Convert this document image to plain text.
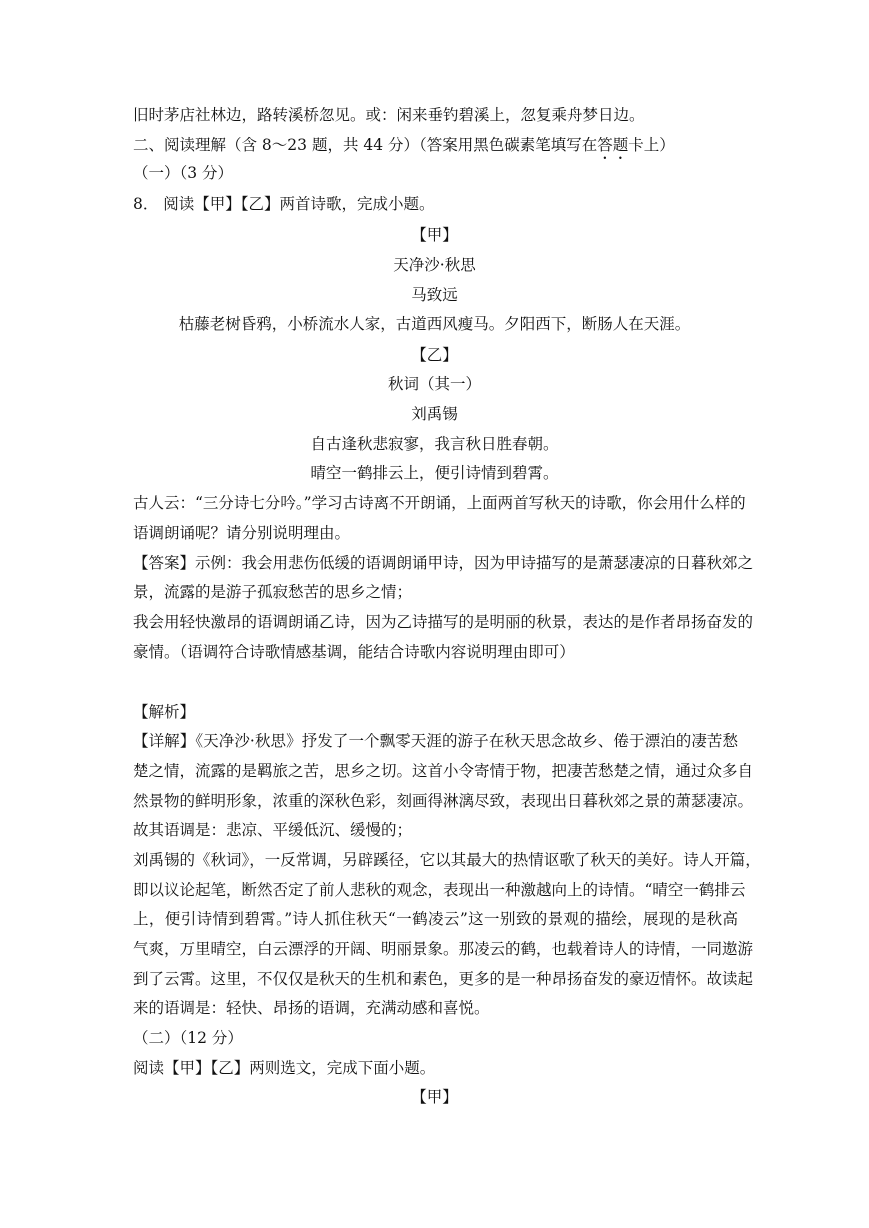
旧时茅店社林边，路转溪桥忽见。或：闲来垂钓碧溪上，忽复乘舟梦日边。
二、阅读理解（含 8～23 题，共 44 分）（答案用黑色碳素笔填写在答题卡上）
（一）（3 分）
8． 阅读【甲】【乙】两首诗歌，完成小题。
【甲】
天净沙·秋思
马致远
枯藤老树昏鸦，小桥流水人家，古道西风瘦马。夕阳西下，断肠人在天涯。
【乙】
秋词（其一）
刘禹锡
自古逢秋悲寂寥，我言秋日胜春朝。
晴空一鹤排云上，便引诗情到碧霄。
古人云：“三分诗七分吟。”学习古诗离不开朗诵，上面两首写秋天的诗歌，你会用什么样的
语调朗诵呢？请分别说明理由。
【答案】示例：我会用悲伤低缓的语调朗诵甲诗，因为甲诗描写的是萧瑟凄凉的日暮秋郊之
景，流露的是游子孤寂愁苦的思乡之情；
我会用轻快激昂的语调朗诵乙诗，因为乙诗描写的是明丽的秋景，表达的是作者昂扬奋发的
豪情。（语调符合诗歌情感基调，能结合诗歌内容说明理由即可）
【解析】
【详解】《天净沙·秋思》抒发了一个飘零天涯的游子在秋天思念故乡、倦于漂泊的凄苦愁
楚之情，流露的是羁旅之苦，思乡之切。这首小令寄情于物，把凄苦愁楚之情，通过众多自
然景物的鲜明形象，浓重的深秋色彩，刻画得淋漓尽致，表现出日暮秋郊之景的萧瑟凄凉。
故其语调是：悲凉、平缓低沉、缓慢的；
刘禹锡的《秋词》，一反常调，另辟蹊径，它以其最大的热情讴歌了秋天的美好。诗人开篇，
即以议论起笔，断然否定了前人悲秋的观念，表现出一种激越向上的诗情。“晴空一鹤排云
上，便引诗情到碧霄。”诗人抓住秋天“一鹤凌云”这一别致的景观的描绘，展现的是秋高
气爽，万里晴空，白云漂浮的开阔、明丽景象。那凌云的鹤，也载着诗人的诗情，一同遨游
到了云霄。这里，不仅仅是秋天的生机和素色，更多的是一种昂扬奋发的豪迈情怀。故读起
来的语调是：轻快、昂扬的语调，充满动感和喜悦。
（二）（12 分）
阅读【甲】【乙】两则选文，完成下面小题。
【甲】
